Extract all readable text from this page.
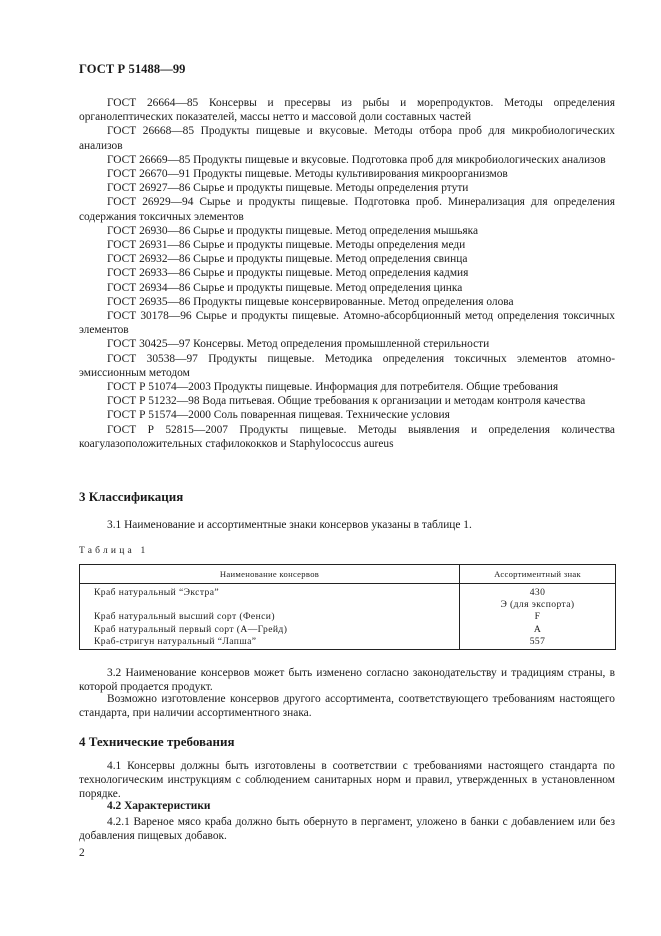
ГОСТ Р 51488—99

ГОСТ 26664—85 Консервы и пресервы из рыбы и морепродуктов. Методы определения органолептических показателей, массы нетто и массовой доли составных частей

ГОСТ 26668—85 Продукты пищевые и вкусовые. Методы отбора проб для микробиологических анализов

ГОСТ 26669—85 Продукты пищевые и вкусовые. Подготовка проб для микробиологических анализов

ГОСТ 26670—91 Продукты пищевые. Методы культивирования микроорганизмов

ГОСТ 26927—86 Сырье и продукты пищевые. Методы определения ртути

ГОСТ 26929—94 Сырье и продукты пищевые. Подготовка проб. Минерализация для определения содержания токсичных элементов

ГОСТ 26930—86 Сырье и продукты пищевые. Метод определения мышьяка

ГОСТ 26931—86 Сырье и продукты пищевые. Методы определения меди

ГОСТ 26932—86 Сырье и продукты пищевые. Метод определения свинца

ГОСТ 26933—86 Сырье и продукты пищевые. Метод определения кадмия

ГОСТ 26934—86 Сырье и продукты пищевые. Метод определения цинка

ГОСТ 26935—86 Продукты пищевые консервированные. Метод определения олова

ГОСТ 30178—96 Сырье и продукты пищевые. Атомно-абсорбционный метод определения токсичных элементов

ГОСТ 30425—97 Консервы. Метод определения промышленной стерильности

ГОСТ 30538—97 Продукты пищевые. Методика определения токсичных элементов атомно-эмиссионным методом

ГОСТ Р 51074—2003 Продукты пищевые. Информация для потребителя. Общие требования

ГОСТ Р 51232—98 Вода питьевая. Общие требования к организации и методам контроля качества

ГОСТ Р 51574—2000 Соль поваренная пищевая. Технические условия

ГОСТ Р 52815—2007 Продукты пищевые. Методы выявления и определения количества коагулазоположительных стафилококков и Staphylococcus aureus

3 Классификация

3.1 Наименование и ассортиментные знаки консервов указаны в таблице 1.

Таблица 1
Наименование консервов	Ассортиментный знак
Краб натуральный “Экстра”	430
	Э (для экспорта)
Краб натуральный высший сорт (Фенси)	F
Краб натуральный первый сорт (А—Грейд)	A
Краб-стригун натуральный “Лапша”	557

3.2 Наименование консервов может быть изменено согласно законодательству и традициям страны, в которой продается продукт.

Возможно изготовление консервов другого ассортимента, соответствующего требованиям настоящего стандарта, при наличии ассортиментного знака.

4 Технические требования

4.1 Консервы должны быть изготовлены в соответствии с требованиями настоящего стандарта по технологическим инструкциям с соблюдением санитарных норм и правил, утвержденных в установленном порядке.

4.2 Характеристики

4.2.1 Вареное мясо краба должно быть обернуто в пергамент, уложено в банки с добавлением или без добавления пищевых добавок.

2
